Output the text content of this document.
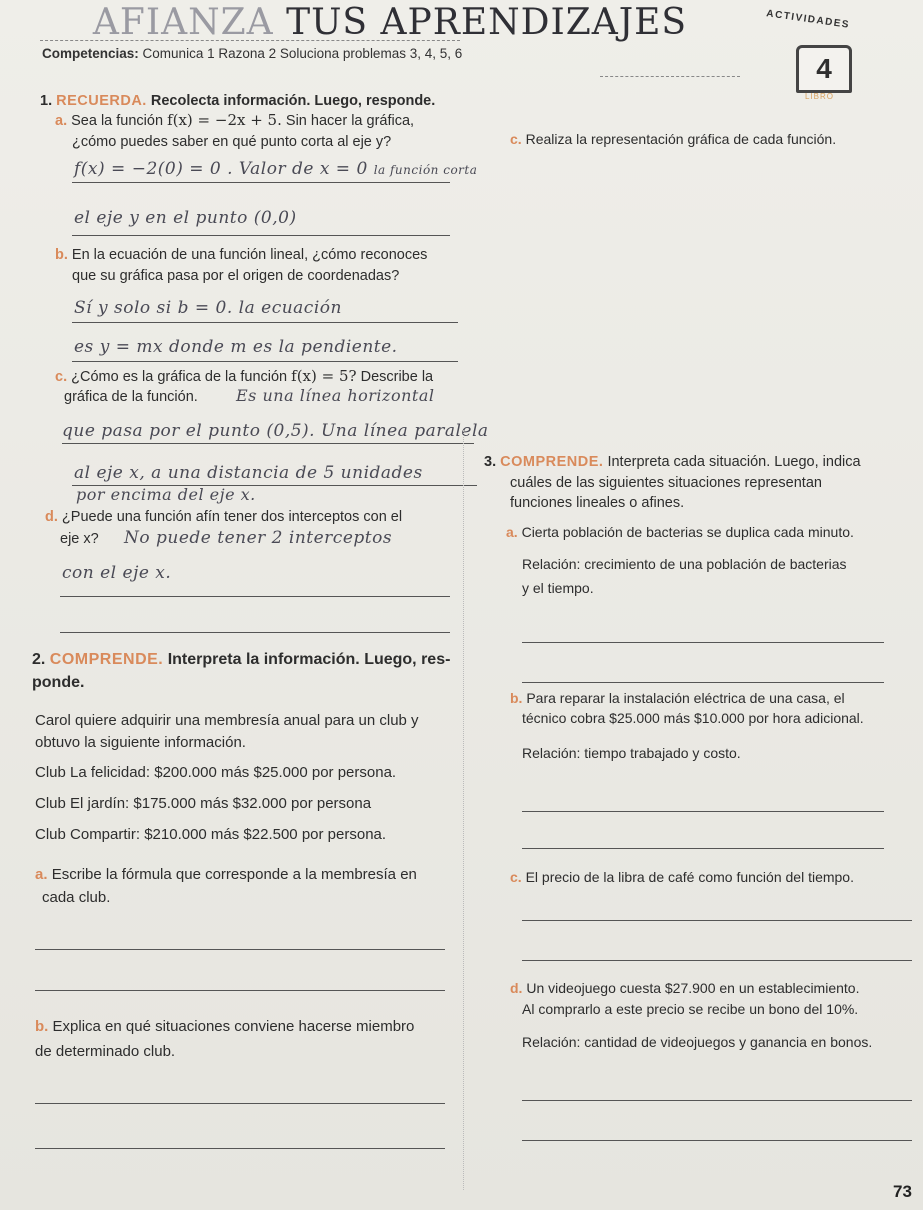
AFIANZA TUS APRENDIZAJES
Competencias: Comunica 1 Razona 2 Soluciona problemas 3, 4, 5, 6
ACTIVIDADES
4
LIBRO
1. RECUERDA. Recolecta información. Luego, responde.
a. Sea la función f(x) = −2x + 5. Sin hacer la gráfica,
¿cómo puedes saber en qué punto corta al eje y?
f(x) = −2(0) = 0 . Valor de x = 0 la función corta
el eje y en el punto (0,0)
b. En la ecuación de una función lineal, ¿cómo reconoces
que su gráfica pasa por el origen de coordenadas?
Sí y solo si b = 0. la ecuación
es y = mx donde m es la pendiente.
c. ¿Cómo es la gráfica de la función f(x) = 5? Describe la
gráfica de la función. Es una línea horizontal
que pasa por el punto (0,5). Una línea paralela
al eje x, a una distancia de 5 unidades
por encima del eje x.
d. ¿Puede una función afín tener dos interceptos con el
eje x? No puede tener 2 interceptos
con el eje x.
c. Realiza la representación gráfica de cada función.
3. COMPRENDE. Interpreta cada situación. Luego, indica
cuáles de las siguientes situaciones representan
funciones lineales o afines.
a. Cierta población de bacterias se duplica cada minuto.
Relación: crecimiento de una población de bacterias
y el tiempo.
b. Para reparar la instalación eléctrica de una casa, el
técnico cobra $25.000 más $10.000 por hora adicional.
Relación: tiempo trabajado y costo.
c. El precio de la libra de café como función del tiempo.
d. Un videojuego cuesta $27.900 en un establecimiento.
Al comprarlo a este precio se recibe un bono del 10%.
Relación: cantidad de videojuegos y ganancia en bonos.
2. COMPRENDE. Interpreta la información. Luego, res-
ponde.
Carol quiere adquirir una membresía anual para un club y
obtuvo la siguiente información.
Club La felicidad: $200.000 más $25.000 por persona.
Club El jardín: $175.000 más $32.000 por persona
Club Compartir: $210.000 más $22.500 por persona.
a. Escribe la fórmula que corresponde a la membresía en
cada club.
b. Explica en qué situaciones conviene hacerse miembro
de determinado club.
73
